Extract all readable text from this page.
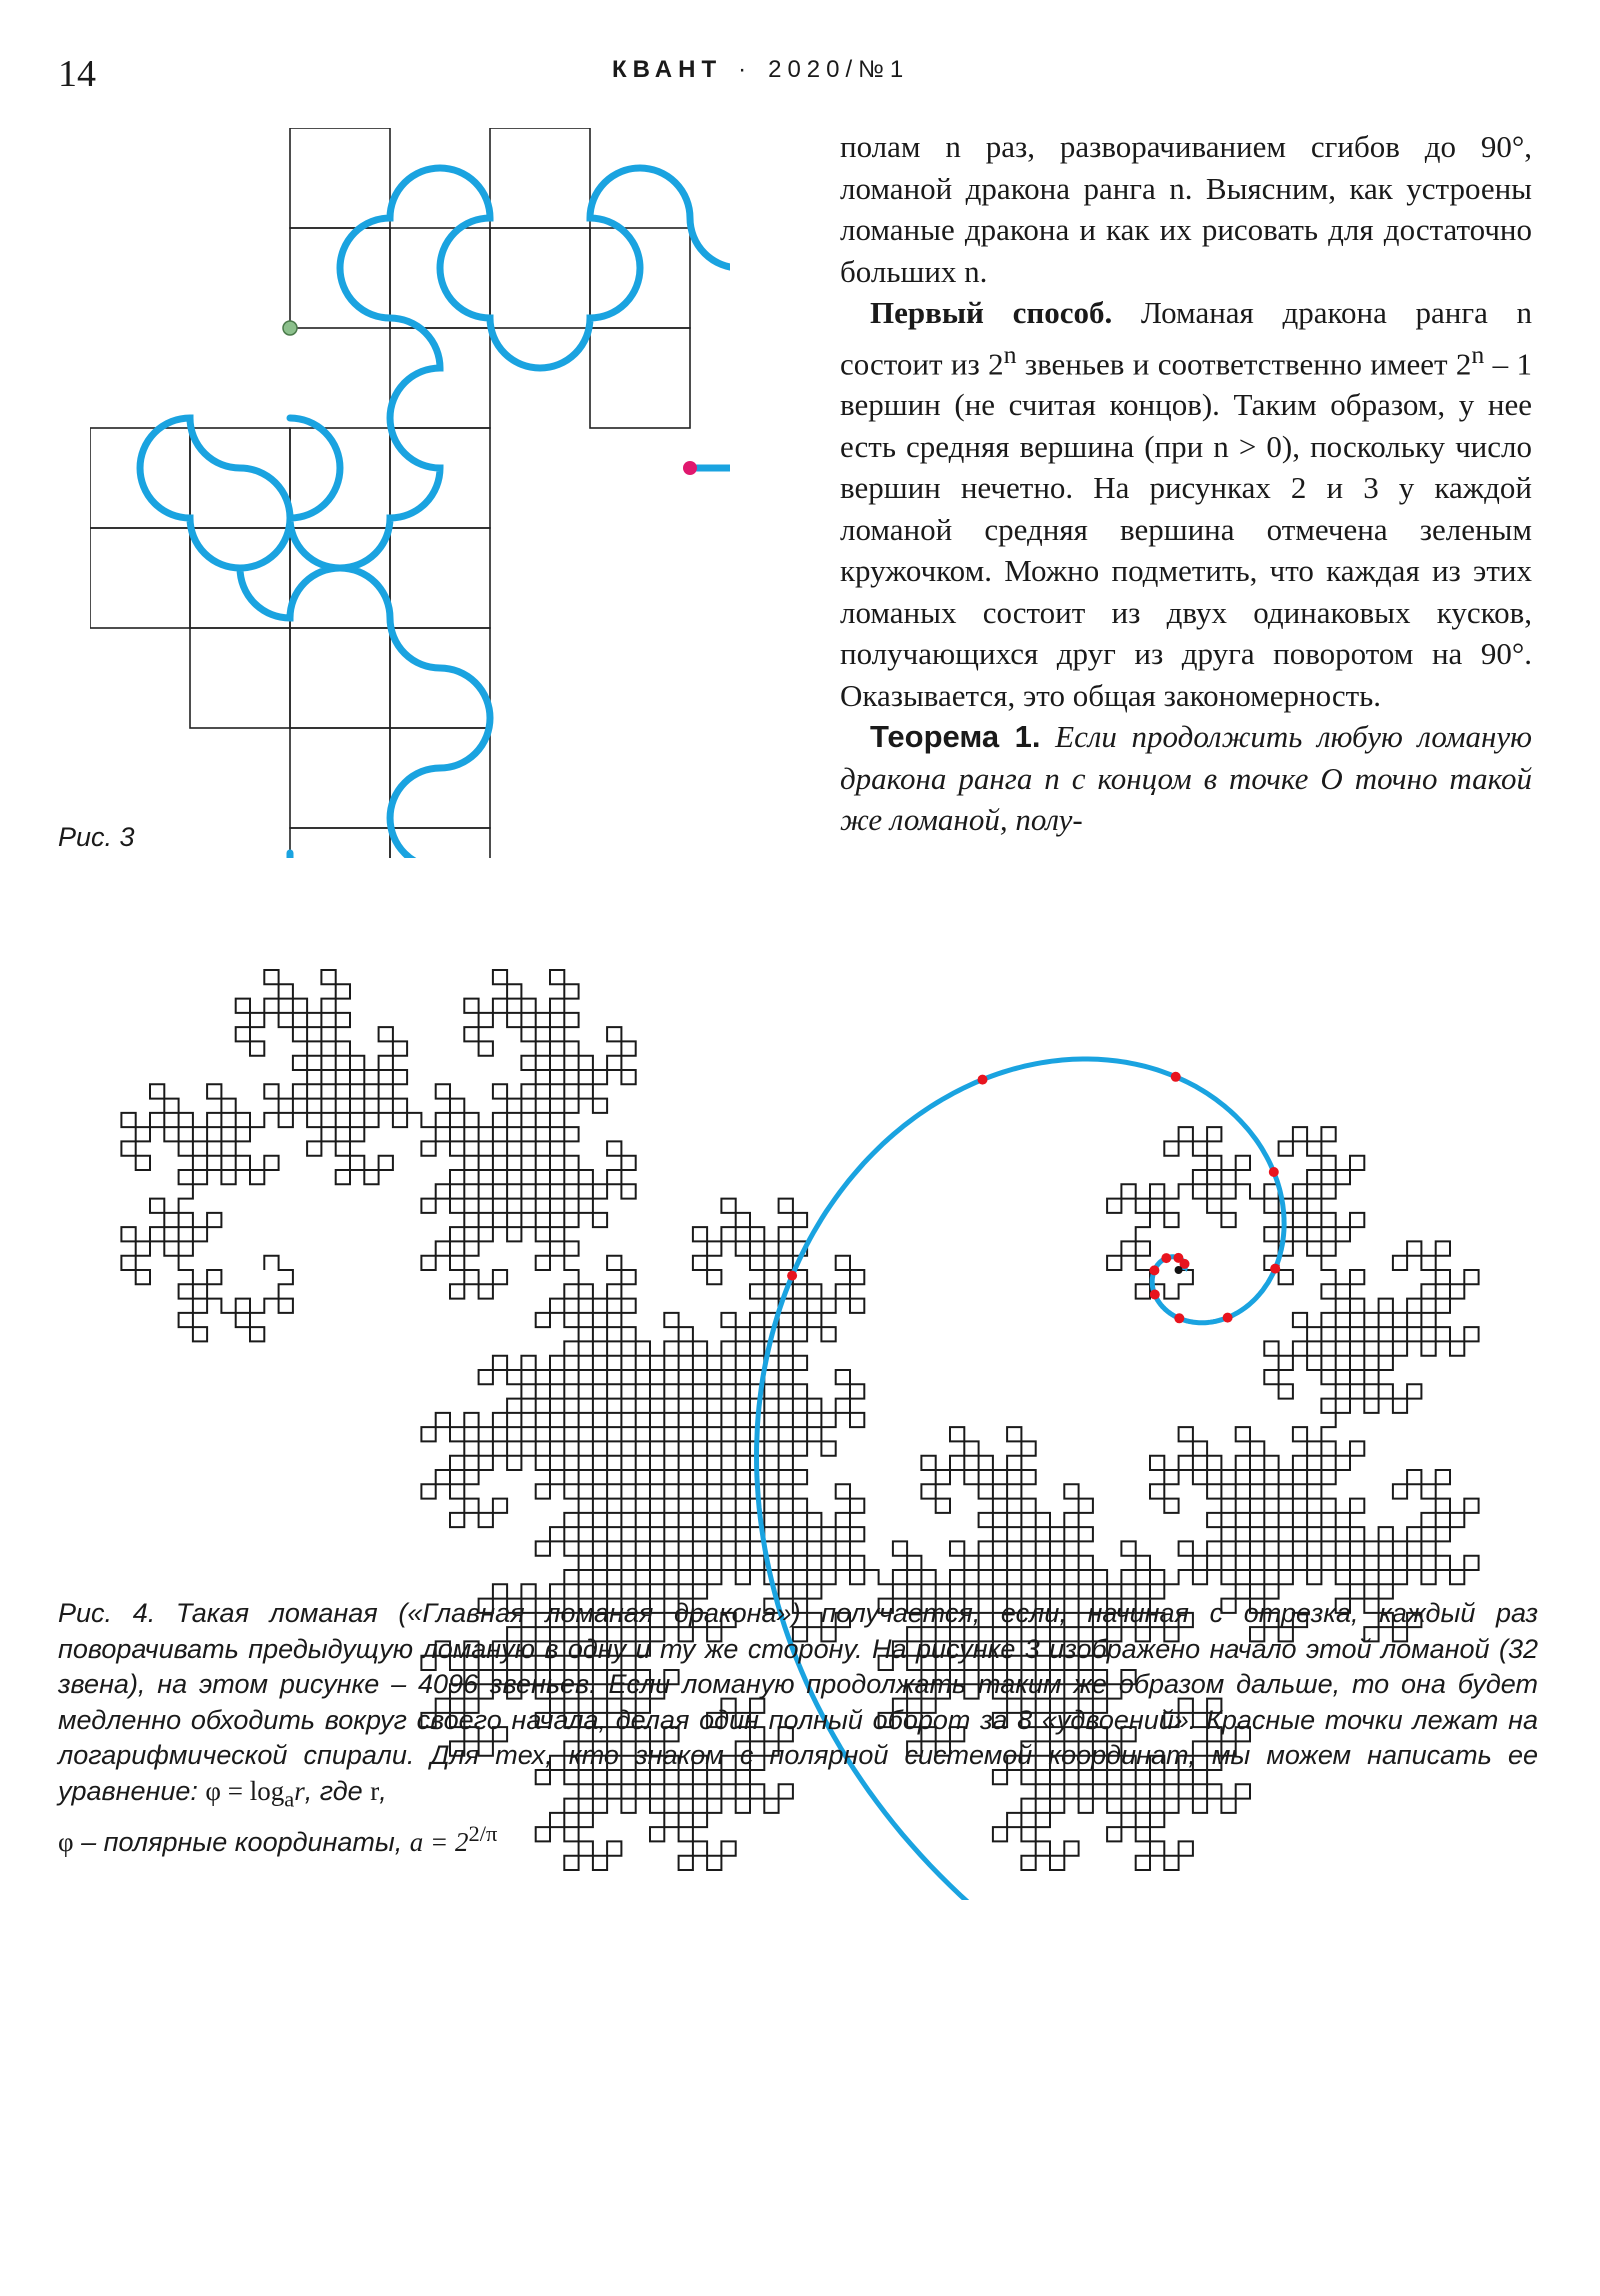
14	КВАНТ · 2020/№1
Рис. 3

полам n раз, разворачиванием сгибов до 90°, ломаной дракона ранга n. Выясним, как устроены ломаные дракона и как их рисовать для достаточно больших n.

Первый способ. Ломаная дракона ранга n состоит из 2$^n$ звеньев и соответственно имеет 2$^n$ – 1 вершин (не считая концов). Таким образом, у нее есть средняя вершина (при n > 0), поскольку число вершин нечетно. На рисунках 2 и 3 у каждой ломаной средняя вершина отмечена зеленым кружочком. Можно подметить, что каждая из этих ломаных состоит из двух одинаковых кусков, получающихся друг из друга поворотом на 90°. Оказывается, это общая закономерность.

Теорема 1. Если продолжить любую ломаную дракона ранга n с концом в точке O точно такой же ломаной, полу-

Рис. 4. Такая ломаная («Главная ломаная дракона») получается, если, начиная с отрезка, каждый раз поворачивать предыдущую ломаную в одну и ту же сторону. На рисунке 3 изображено начало этой ломаной (32 звена), на этом рисунке – 4096 звеньев. Если ломаную продолжать таким же образом дальше, то она будет медленно обходить вокруг своего начала, делая один полный оборот за 8 «удвоений». Красные точки лежат на логарифмической спирали. Для тех, кто знаком с полярной системой координат, мы можем написать ее уравнение: $\varphi = \log_ar$, где r,
φ – полярные координаты, $a = 2^{2/\pi}$
